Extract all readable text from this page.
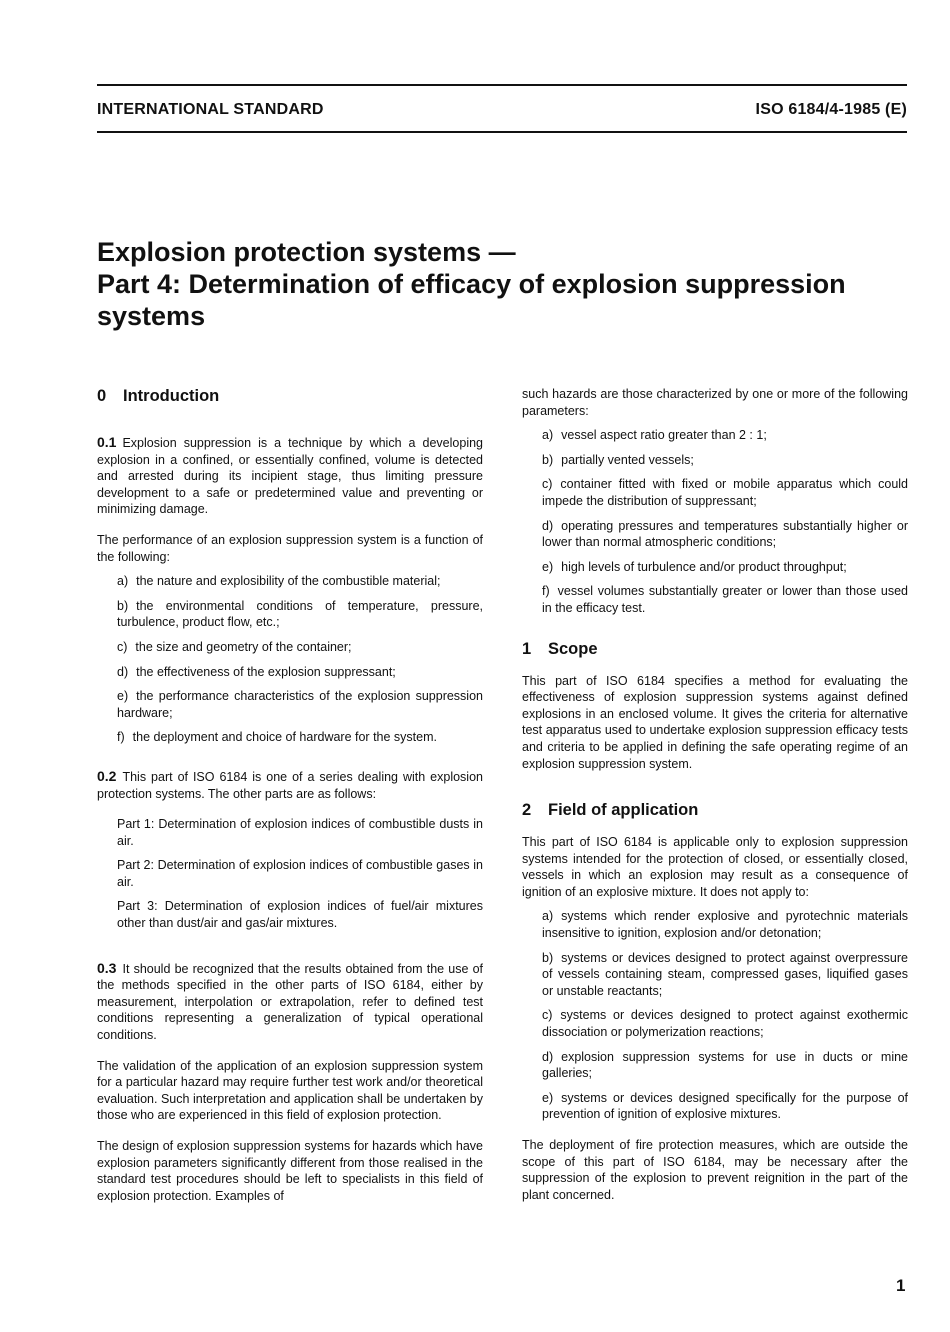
INTERNATIONAL STANDARD	ISO 6184/4-1985 (E)
Explosion protection systems —
Part 4: Determination of efficacy of explosion suppression
systems
0 Introduction

0.1 Explosion suppression is a technique by which a developing explosion in a confined, or essentially confined, volume is detected and arrested during its incipient stage, thus limiting pressure development to a safe or predetermined value and preventing or minimizing damage.

The performance of an explosion suppression system is a function of the following:

a) the nature and explosibility of the combustible material;
b) the environmental conditions of temperature, pressure, turbulence, product flow, etc.;
c) the size and geometry of the container;
d) the effectiveness of the explosion suppressant;
e) the performance characteristics of the explosion suppression hardware;
f) the deployment and choice of hardware for the system.

0.2 This part of ISO 6184 is one of a series dealing with explosion protection systems. The other parts are as follows:

Part 1: Determination of explosion indices of combustible dusts in air.
Part 2: Determination of explosion indices of combustible gases in air.
Part 3: Determination of explosion indices of fuel/air mixtures other than dust/air and gas/air mixtures.

0.3 It should be recognized that the results obtained from the use of the methods specified in the other parts of ISO 6184, either by measurement, interpolation or extrapolation, refer to defined test conditions representing a generalization of typical operational conditions.

The validation of the application of an explosion suppression system for a particular hazard may require further test work and/or theoretical evaluation. Such interpretation and application shall be undertaken by those who are experienced in this field of explosion protection.

The design of explosion suppression systems for hazards which have explosion parameters significantly different from those realised in the standard test procedures should be left to specialists in this field of explosion protection. Examples of

such hazards are those characterized by one or more of the following parameters:

a) vessel aspect ratio greater than 2 : 1;
b) partially vented vessels;
c) container fitted with fixed or mobile apparatus which could impede the distribution of suppressant;
d) operating pressures and temperatures substantially higher or lower than normal atmospheric conditions;
e) high levels of turbulence and/or product throughput;
f) vessel volumes substantially greater or lower than those used in the efficacy test.
1 Scope

This part of ISO 6184 specifies a method for evaluating the effectiveness of explosion suppression systems against defined explosions in an enclosed volume. It gives the criteria for alternative test apparatus used to undertake explosion suppression efficacy tests and criteria to be applied in defining the safe operating regime of an explosion suppression system.

2 Field of application

This part of ISO 6184 is applicable only to explosion suppression systems intended for the protection of closed, or essentially closed, vessels in which an explosion may result as a consequence of ignition of an explosive mixture. It does not apply to:

a) systems which render explosive and pyrotechnic materials insensitive to ignition, explosion and/or detonation;
b) systems or devices designed to protect against overpressure of vessels containing steam, compressed gases, liquified gases or unstable reactants;
c) systems or devices designed to protect against exothermic dissociation or polymerization reactions;
d) explosion suppression systems for use in ducts or mine galleries;
e) systems or devices designed specifically for the purpose of prevention of ignition of explosive mixtures.

The deployment of fire protection measures, which are outside the scope of this part of ISO 6184, may be necessary after the suppression of the explosion to prevent reignition in the part of the plant concerned.

1
